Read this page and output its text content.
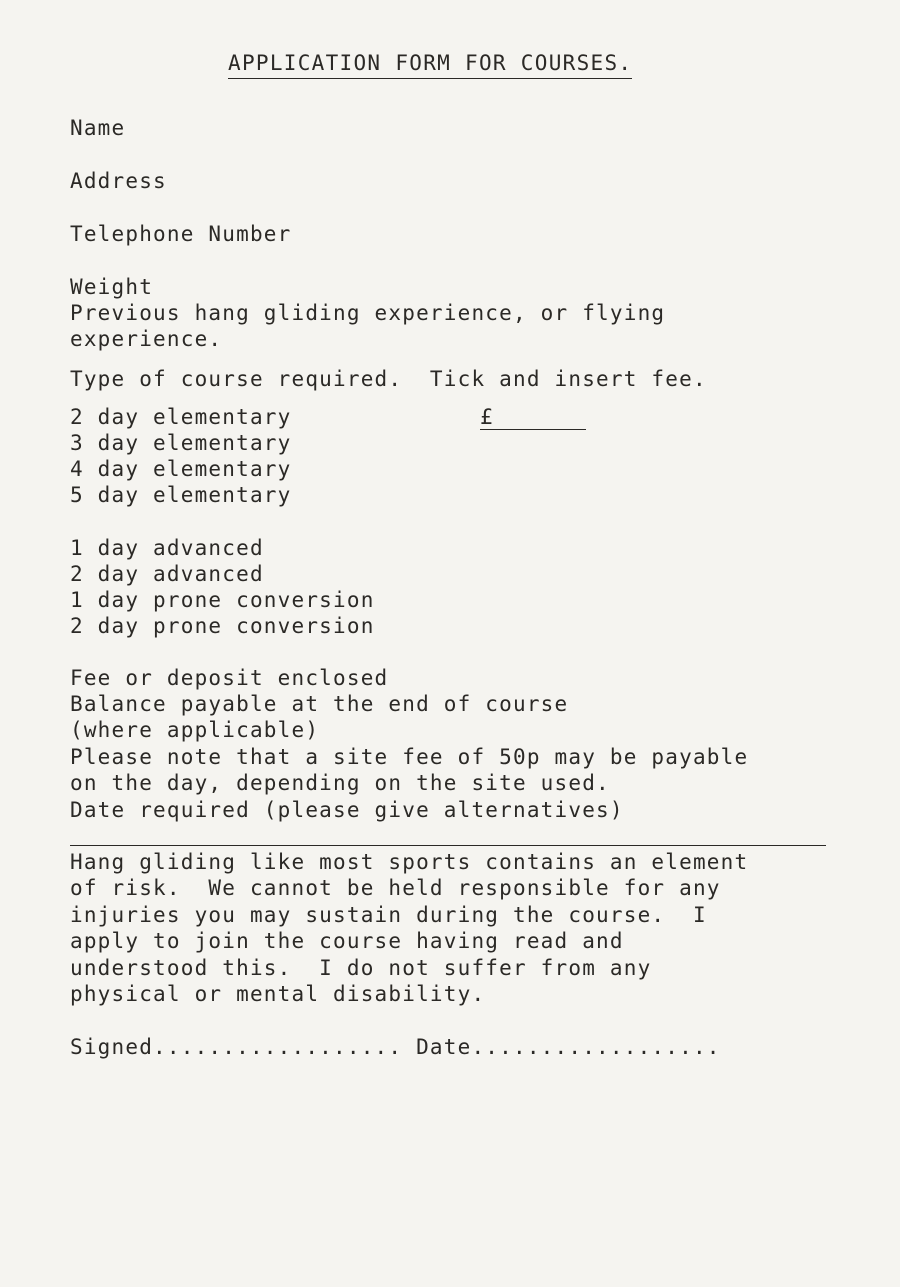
APPLICATION FORM FOR COURSES.
Name
Address
Telephone Number
Weight
Previous hang gliding experience, or flying
experience.
Type of course required.  Tick and insert fee.
2 day elementary	£
3 day elementary
4 day elementary
5 day elementary
1 day advanced
2 day advanced
1 day prone conversion
2 day prone conversion
Fee or deposit enclosed
Balance payable at the end of course
(where applicable)
Please note that a site fee of 50p may be payable
on the day, depending on the site used.
Date required (please give alternatives)
Hang gliding like most sports contains an element
of risk.  We cannot be held responsible for any
injuries you may sustain during the course.  I
apply to join the course having read and
understood this.  I do not suffer from any
physical or mental disability.
Signed.................. Date..................
